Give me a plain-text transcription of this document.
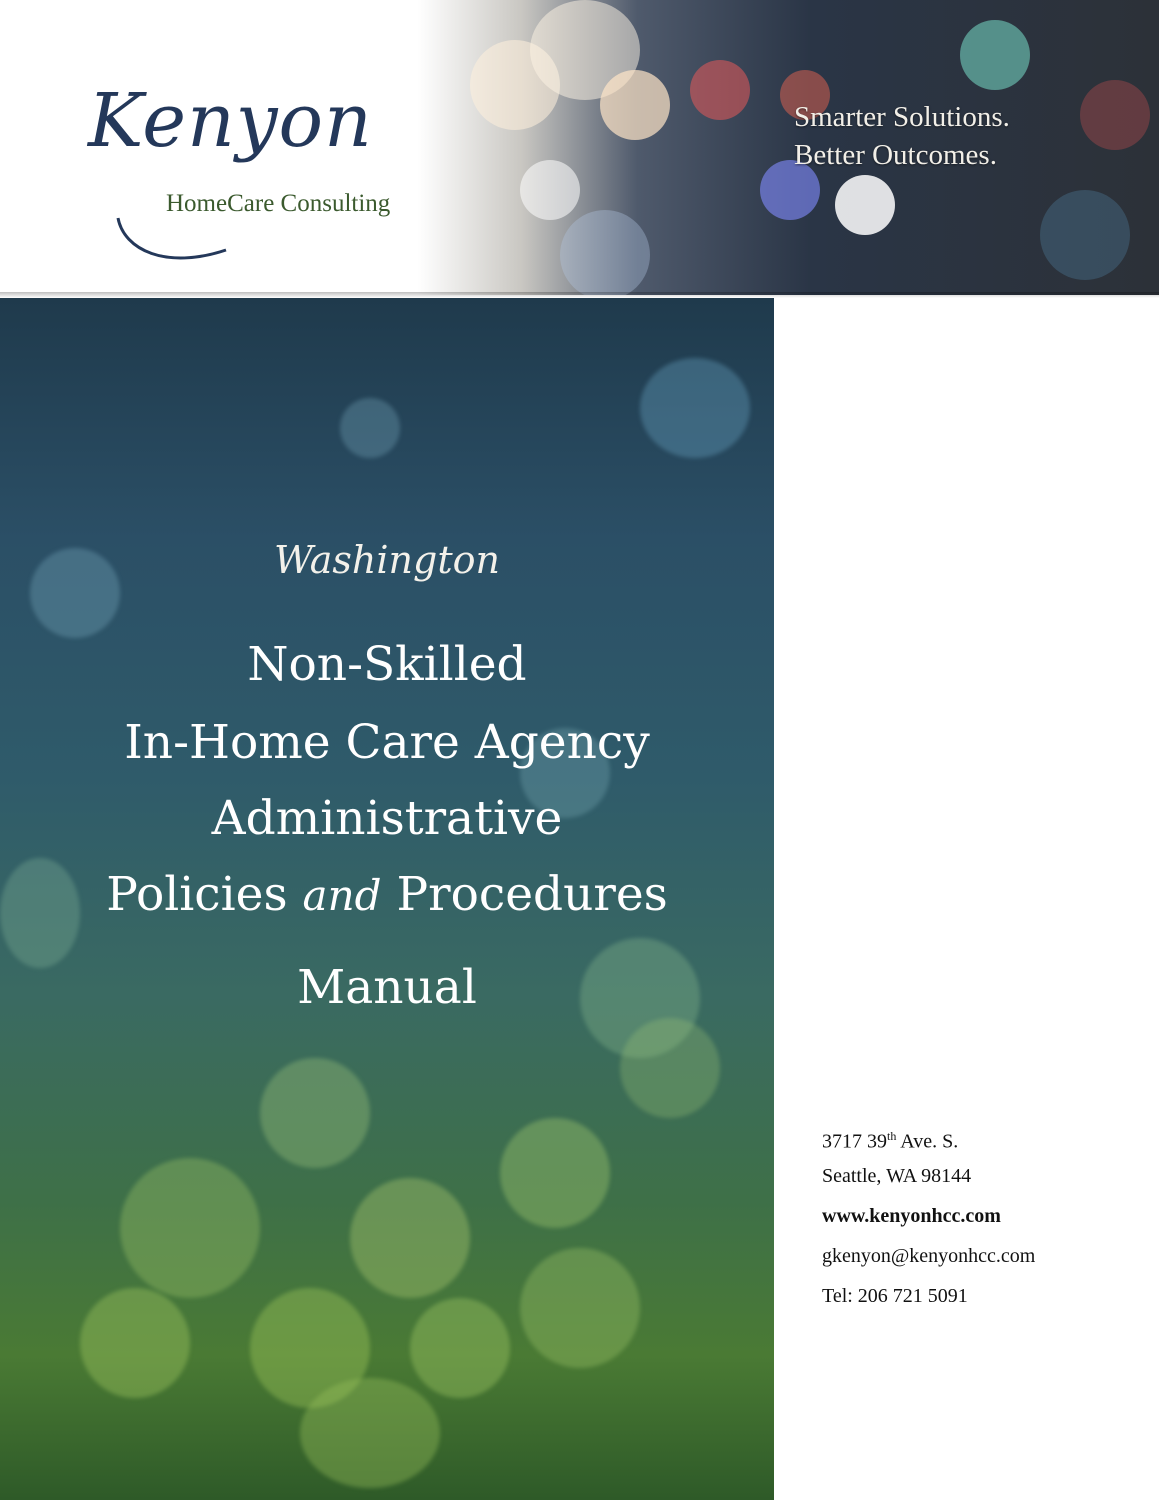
Kenyon
HomeCare Consulting
Smarter Solutions.
Better Outcomes.
Washington
Non-Skilled
In-Home Care Agency
Administrative
Policies and Procedures
Manual
3717 39th Ave. S.
Seattle, WA 98144
www.kenyonhcc.com
gkenyon@kenyonhcc.com
Tel: 206 721 5091
